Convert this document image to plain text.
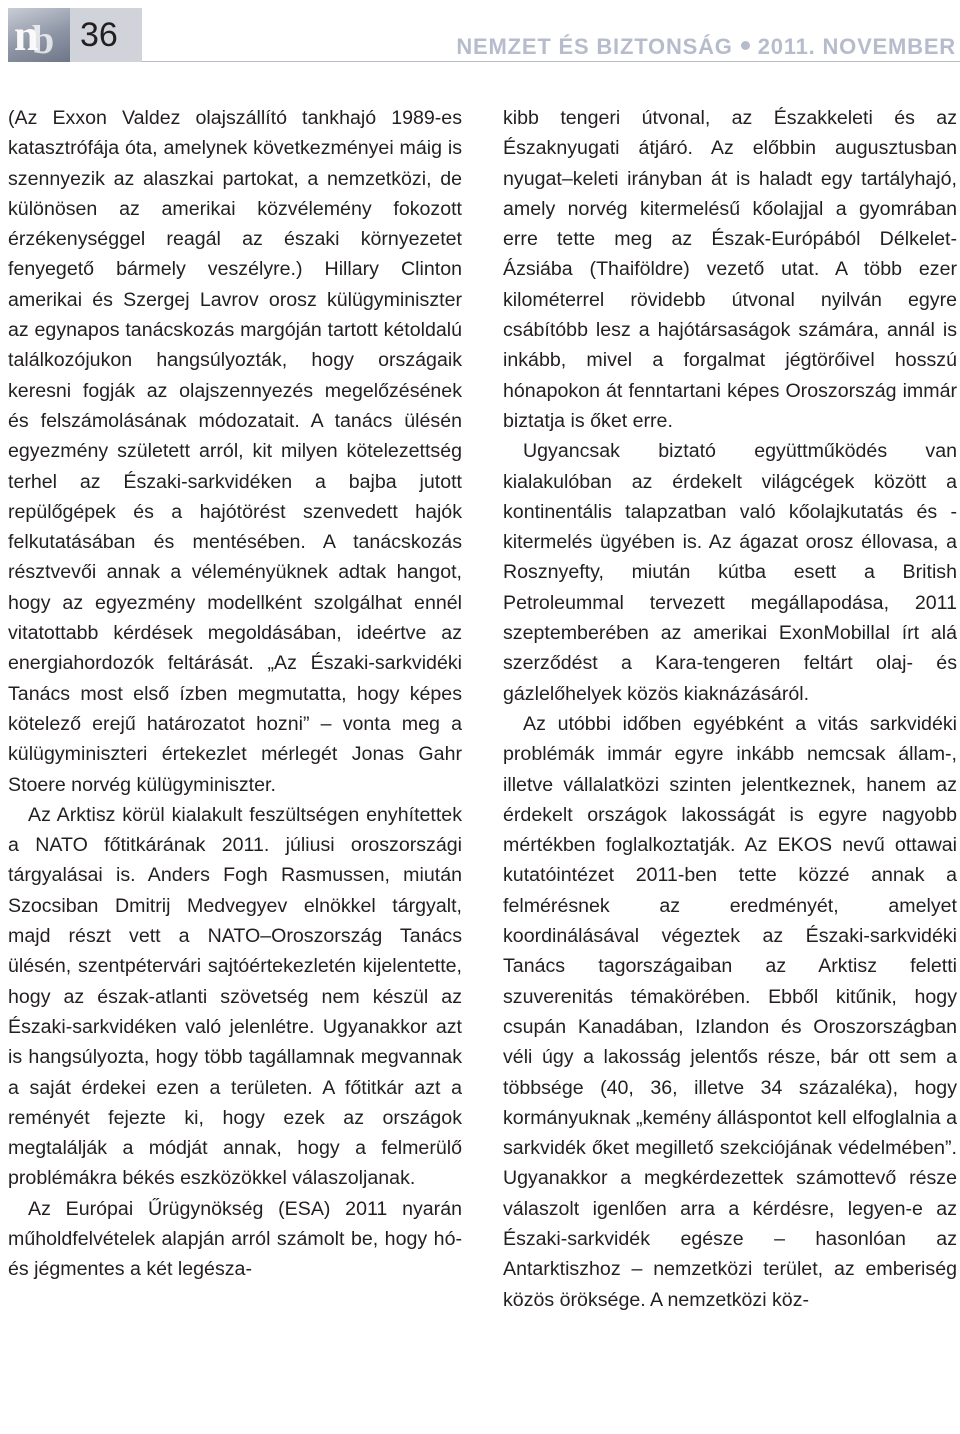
n
b 36	NEMZET ÉS BIZTONSÁG 2011. NOVEMBER

(Az Exxon Valdez olajszállító tankhajó 1989-es katasztrófája óta, amelynek következményei máig is szennyezik az alaszkai partokat, a nemzetközi, de különösen az amerikai közvélemény fokozott érzékenységgel reagál az északi környezetet fenyegető bármely veszélyre.) Hillary Clinton amerikai és Szergej Lavrov orosz külügyminiszter az egynapos tanácskozás margóján tartott kétoldalú találkozójukon hangsúlyozták, hogy országaik keresni fogják az olajszennyezés megelőzésének és felszámolásának módozatait. A tanács ülésén egyezmény született arról, kit milyen kötelezettség terhel az Északi-sarkvidéken a bajba jutott repülőgépek és a hajótörést szenvedett hajók felkutatásában és mentésében. A tanácskozás résztvevői annak a véleményüknek adtak hangot, hogy az egyezmény modellként szolgálhat ennél vitatottabb kérdések megoldásában, ideértve az energiahordozók feltárását. „Az Északi-sarkvidéki Tanács most első ízben megmutatta, hogy képes kötelező erejű határozatot hozni” – vonta meg a külügyminiszteri értekezlet mérlegét Jonas Gahr Stoere norvég külügyminiszter.

Az Arktisz körül kialakult feszültségen enyhítettek a NATO főtitkárának 2011. júliusi oroszországi tárgyalásai is. Anders Fogh Rasmussen, miután Szocsiban Dmitrij Medvegyev elnökkel tárgyalt, majd részt vett a NATO–Oroszország Tanács ülésén, szentpétervári sajtóértekezletén kijelentette, hogy az észak-atlanti szövetség nem készül az Északi-sarkvidéken való jelenlétre. Ugyanakkor azt is hangsúlyozta, hogy több tagállamnak megvannak a saját érdekei ezen a területen. A főtitkár azt a reményét fejezte ki, hogy ezek az országok megtalálják a módját annak, hogy a felmerülő problémákra békés eszközökkel válaszoljanak.

Az Európai Űrügynökség (ESA) 2011 nyarán műholdfelvételek alapján arról számolt be, hogy hó- és jégmentes a két legésza-

kibb tengeri útvonal, az Északkeleti és az Északnyugati átjáró. Az előbbin augusztusban nyugat–keleti irányban át is haladt egy tartályhajó, amely norvég kitermelésű kőolajjal a gyomrában erre tette meg az Észak-Európából Délkelet-Ázsiába (Thaiföldre) vezető utat. A több ezer kilométerrel rövidebb útvonal nyilván egyre csábítóbb lesz a hajótársaságok számára, annál is inkább, mivel a forgalmat jégtörőivel hosszú hónapokon át fenntartani képes Oroszország immár biztatja is őket erre.

Ugyancsak biztató együttműködés van kialakulóban az érdekelt világcégek között a kontinentális talapzatban való kőolajkutatás és -kitermelés ügyében is. Az ágazat orosz éllovasa, a Rosznyefty, miután kútba esett a British Petroleummal tervezett megállapodása, 2011 szeptemberében az amerikai ExonMobillal írt alá szerződést a Kara-tengeren feltárt olaj- és gázlelőhelyek közös kiaknázásáról.

Az utóbbi időben egyébként a vitás sarkvidéki problémák immár egyre inkább nemcsak állam-, illetve vállalatközi szinten jelentkeznek, hanem az érdekelt országok lakosságát is egyre nagyobb mértékben foglalkoztatják. Az EKOS nevű ottawai kutatóintézet 2011-ben tette közzé annak a felmérésnek az eredményét, amelyet koordinálásával végeztek az Északi-sarkvidéki Tanács tagországaiban az Arktisz feletti szuverenitás témakörében. Ebből kitűnik, hogy csupán Kanadában, Izlandon és Oroszországban véli úgy a lakosság jelentős része, bár ott sem a többsége (40, 36, illetve 34 százaléka), hogy kormányuknak „kemény álláspontot kell elfoglalnia a sarkvidék őket megillető szekciójának védelmében”. Ugyanakkor a megkérdezettek számottevő része válaszolt igenlően arra a kérdésre, legyen-e az Északi-sarkvidék egésze – hasonlóan az Antarktiszhoz – nemzetközi terület, az emberiség közös öröksége. A nemzetközi köz-
